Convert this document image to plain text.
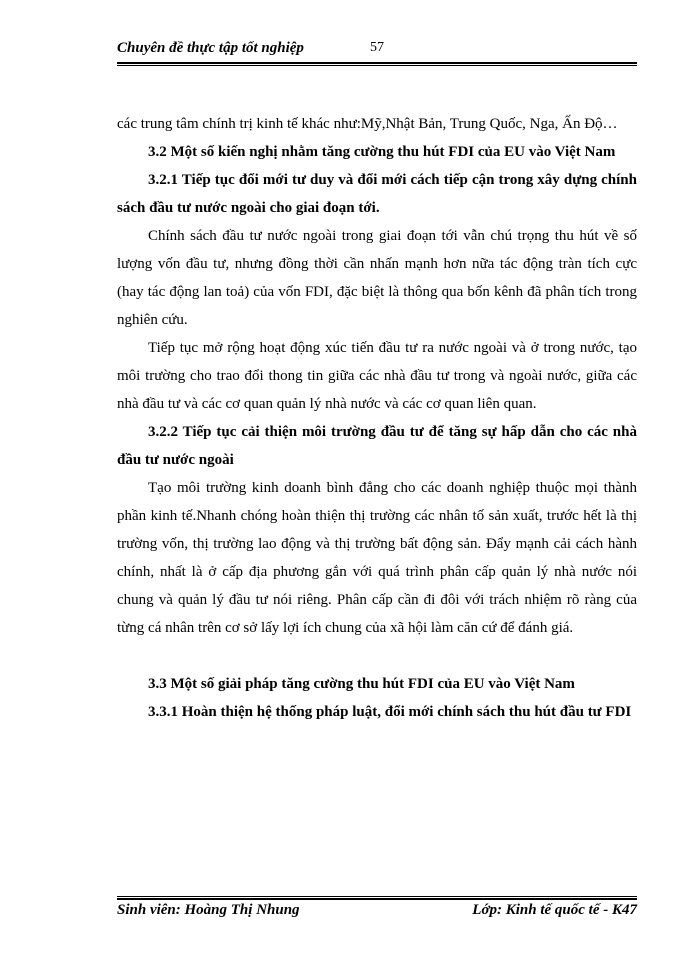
Chuyên đề thực tập tốt nghiệp	57

các trung tâm chính trị kinh tế khác như:Mỹ,Nhật Bản, Trung Quốc, Nga, Ấn Độ…

3.2 Một số kiến nghị nhằm tăng cường thu hút FDI của EU vào Việt Nam

3.2.1 Tiếp tục đổi mới tư duy và đổi mới cách tiếp cận trong xây dựng chính sách đầu tư nước ngoài cho giai đoạn tới.

Chính sách đầu tư nước ngoài trong giai đoạn tới vẫn chú trọng thu hút về số lượng vốn đầu tư, nhưng đồng thời cần nhấn mạnh hơn nữa tác động tràn tích cực (hay tác động lan toả) của vốn FDI, đặc biệt là thông qua bốn kênh đã phân tích trong nghiên cứu.

Tiếp tục mở rộng hoạt động xúc tiến đầu tư ra nước ngoài và ở trong nước, tạo môi trường cho trao đổi thong tin giữa các nhà đầu tư trong và ngoài nước, giữa các nhà đầu tư và các cơ quan quản lý nhà nước và các cơ quan liên quan.

3.2.2 Tiếp tục cải thiện môi trường đầu tư để tăng sự hấp dẫn cho các nhà đầu tư nước ngoài

Tạo môi trường kinh doanh bình đẳng cho các doanh nghiệp thuộc mọi thành phần kinh tế.Nhanh chóng hoàn thiện thị trường các nhân tố sản xuất, trước hết là thị trường vốn, thị trường lao động và thị trường bất động sản. Đẩy mạnh cải cách hành chính, nhất là ở cấp địa phương gắn với quá trình phân cấp quản lý nhà nước nói chung và quản lý đầu tư nói riêng. Phân cấp cần đi đôi với trách nhiệm rõ ràng của từng cá nhân trên cơ sở lấy lợi ích chung của xã hội làm căn cứ để đánh giá.

3.3 Một số giải pháp tăng cường thu hút FDI của EU vào Việt Nam

3.3.1 Hoàn thiện hệ thống pháp luật, đổi mới chính sách thu hút đầu tư FDI

Sinh viên: Hoàng Thị Nhung	Lớp: Kinh tế quốc tế - K47
